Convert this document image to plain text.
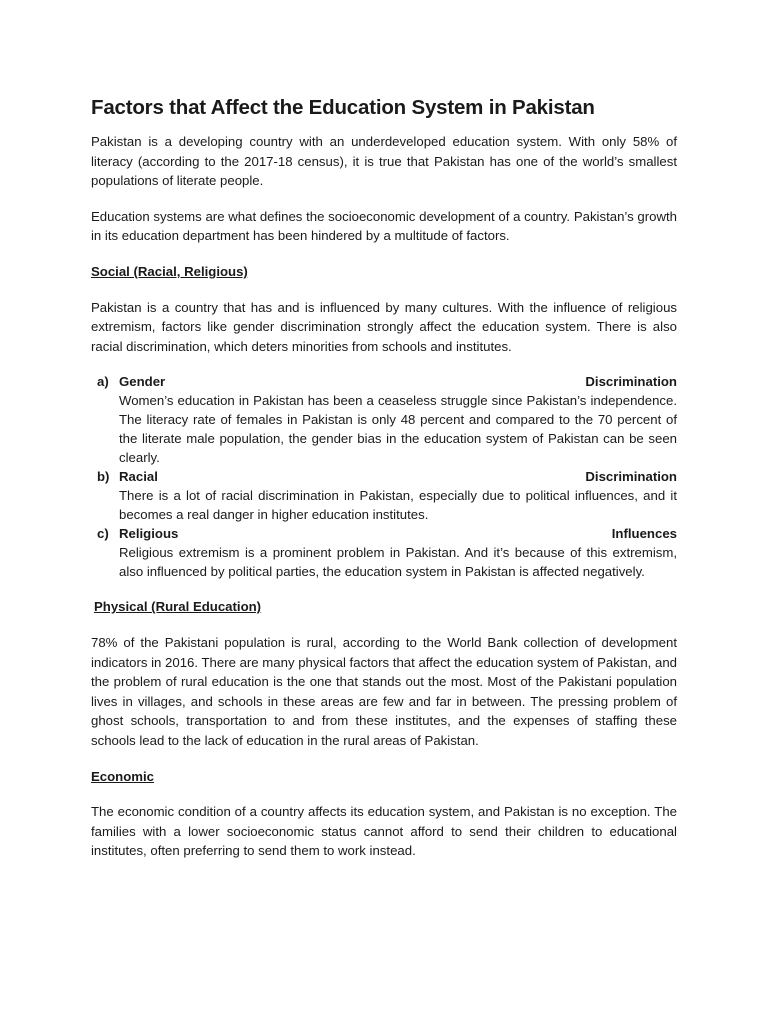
Factors that Affect the Education System in Pakistan

Pakistan is a developing country with an underdeveloped education system. With only 58% of literacy (according to the 2017-18 census), it is true that Pakistan has one of the world’s smallest populations of literate people.

Education systems are what defines the socioeconomic development of a country. Pakistan’s growth in its education department has been hindered by a multitude of factors.

Social (Racial, Religious)

Pakistan is a country that has and is influenced by many cultures. With the influence of religious extremism, factors like gender discrimination strongly affect the education system. There is also racial discrimination, which deters minorities from schools and institutes.

a) Gender	Discrimination
Women’s education in Pakistan has been a ceaseless struggle since Pakistan’s independence. The literacy rate of females in Pakistan is only 48 percent and compared to the 70 percent of the literate male population, the gender bias in the education system of Pakistan can be seen clearly.
b) Racial	Discrimination
There is a lot of racial discrimination in Pakistan, especially due to political influences, and it becomes a real danger in higher education institutes.
c) Religious	Influences
Religious extremism is a prominent problem in Pakistan. And it’s because of this extremism, also influenced by political parties, the education system in Pakistan is affected negatively.
Physical (Rural Education)

78% of the Pakistani population is rural, according to the World Bank collection of development indicators in 2016. There are many physical factors that affect the education system of Pakistan, and the problem of rural education is the one that stands out the most. Most of the Pakistani population lives in villages, and schools in these areas are few and far in between. The pressing problem of ghost schools, transportation to and from these institutes, and the expenses of staffing these schools lead to the lack of education in the rural areas of Pakistan.

Economic

The economic condition of a country affects its education system, and Pakistan is no exception. The families with a lower socioeconomic status cannot afford to send their children to educational institutes, often preferring to send them to work instead.
